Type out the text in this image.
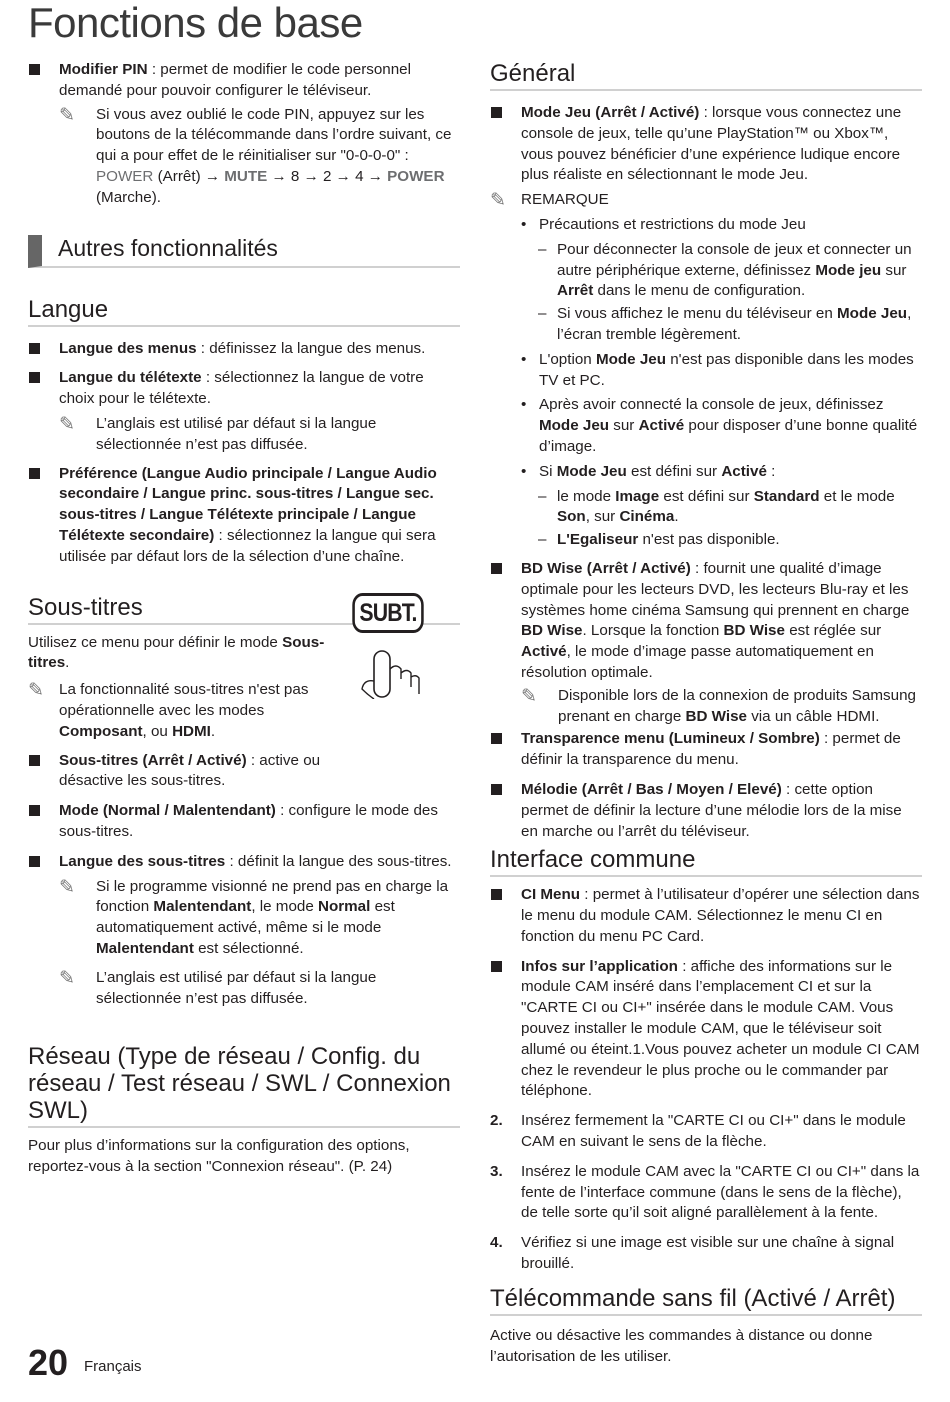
Fonctions de base
Modifier PIN : permet de modifier le code personnel demandé pour pouvoir configurer le téléviseur.
✎ Si vous avez oublié le code PIN, appuyez sur les boutons de la télécommande dans l’ordre suivant, ce qui a pour effet de le réinitialiser sur "0-0-0-0" : POWER (Arrêt) → MUTE → 8 → 2 → 4 → POWER (Marche).
Autres fonctionnalités
Langue
Langue des menus : définissez la langue des menus.
Langue du télétexte : sélectionnez la langue de votre choix pour le télétexte.
✎ L’anglais est utilisé par défaut si la langue sélectionnée n’est pas diffusée.
Préférence (Langue Audio principale / Langue Audio secondaire / Langue princ. sous-titres / Langue sec. sous-titres / Langue Télétexte principale / Langue Télétexte secondaire) : sélectionnez la langue qui sera utilisée par défaut lors de la sélection d’une chaîne.
Sous-titres
Utilisez ce menu pour définir le mode Sous-titres.
✎ La fonctionnalité sous-titres n'est pas opérationnelle avec les modes Composant, ou HDMI.
Sous-titres (Arrêt / Activé) : active ou désactive les sous-titres.
Mode (Normal / Malentendant) : configure le mode des sous-titres.
Langue des sous-titres : définit la langue des sous-titres.
✎ Si le programme visionné ne prend pas en charge la fonction Malentendant, le mode Normal est automatiquement activé, même si le mode Malentendant est sélectionné.
✎ L’anglais est utilisé par défaut si la langue sélectionnée n’est pas diffusée.
Réseau (Type de réseau / Config. du réseau / Test réseau / SWL / Connexion SWL)
Pour plus d’informations sur la configuration des options, reportez-vous à la section "Connexion réseau". (P. 24)
SUBT.
Général
Mode Jeu (Arrêt / Activé) : lorsque vous connectez une console de jeux, telle qu’une PlayStation™ ou Xbox™, vous pouvez bénéficier d’une expérience ludique encore plus réaliste en sélectionnant le mode Jeu.
✎ REMARQUE
• Précautions et restrictions du mode Jeu
– Pour déconnecter la console de jeux et connecter un autre périphérique externe, définissez Mode jeu sur Arrêt dans le menu de configuration.
– Si vous affichez le menu du téléviseur en Mode Jeu, l’écran tremble légèrement.
• L'option Mode Jeu n'est pas disponible dans les modes TV et PC.
• Après avoir connecté la console de jeux, définissez Mode Jeu sur Activé pour disposer d’une bonne qualité d’image.
• Si Mode Jeu est défini sur Activé :
– le mode Image est défini sur Standard et le mode Son, sur Cinéma.
– L'Egaliseur n'est pas disponible.
BD Wise (Arrêt / Activé) : fournit une qualité d’image optimale pour les lecteurs DVD, les lecteurs Blu-ray et les systèmes home cinéma Samsung qui prennent en charge BD Wise. Lorsque la fonction BD Wise est réglée sur Activé, le mode d’image passe automatiquement en résolution optimale.
✎ Disponible lors de la connexion de produits Samsung prenant en charge BD Wise via un câble HDMI.
Transparence menu (Lumineux / Sombre) : permet de définir la transparence du menu.
Mélodie (Arrêt / Bas / Moyen / Elevé) : cette option permet de définir la lecture d’une mélodie lors de la mise en marche ou l’arrêt du téléviseur.
Interface commune
CI Menu : permet à l’utilisateur d’opérer une sélection dans le menu du module CAM. Sélectionnez le menu CI en fonction du menu PC Card.
Infos sur l’application : affiche des informations sur le module CAM inséré dans l’emplacement CI et sur la "CARTE CI ou CI+" insérée dans le module CAM. Vous pouvez installer le module CAM, que le téléviseur soit allumé ou éteint.1.Vous pouvez acheter un module CI CAM chez le revendeur le plus proche ou le commander par téléphone.
2. Insérez fermement la "CARTE CI ou CI+" dans le module CAM en suivant le sens de la flèche.
3. Insérez le module CAM avec la "CARTE CI ou CI+" dans la fente de l’interface commune (dans le sens de la flèche), de telle sorte qu’il soit aligné parallèlement à la fente.
4. Vérifiez si une image est visible sur une chaîne à signal brouillé.
Télécommande sans fil (Activé / Arrêt)
Active ou désactive les commandes à distance ou donne l’autorisation de les utiliser.
20 Français
